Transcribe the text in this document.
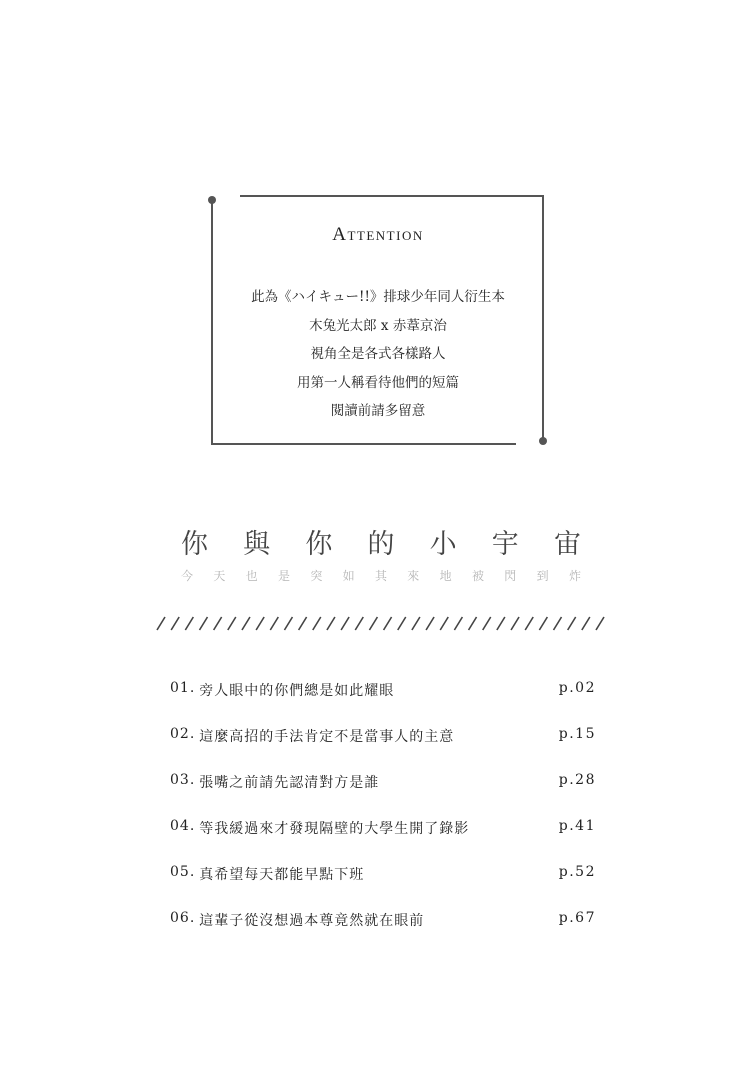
Attention
此為《ハイキュー!!》排球少年同人衍生本
木兔光太郎 x 赤葦京治
視角全是各式各樣路人
用第一人稱看待他們的短篇
閱讀前請多留意
你 與 你 的 小 宇 宙
今 天 也 是 突 如 其 來 地 被 閃 到 炸
01. 旁人眼中的你們總是如此耀眼	p.02
02. 這麼高招的手法肯定不是當事人的主意	p.15
03. 張嘴之前請先認清對方是誰	p.28
04. 等我緩過來才發現隔壁的大學生開了錄影	p.41
05. 真希望每天都能早點下班	p.52
06. 這輩子從沒想過本尊竟然就在眼前	p.67
